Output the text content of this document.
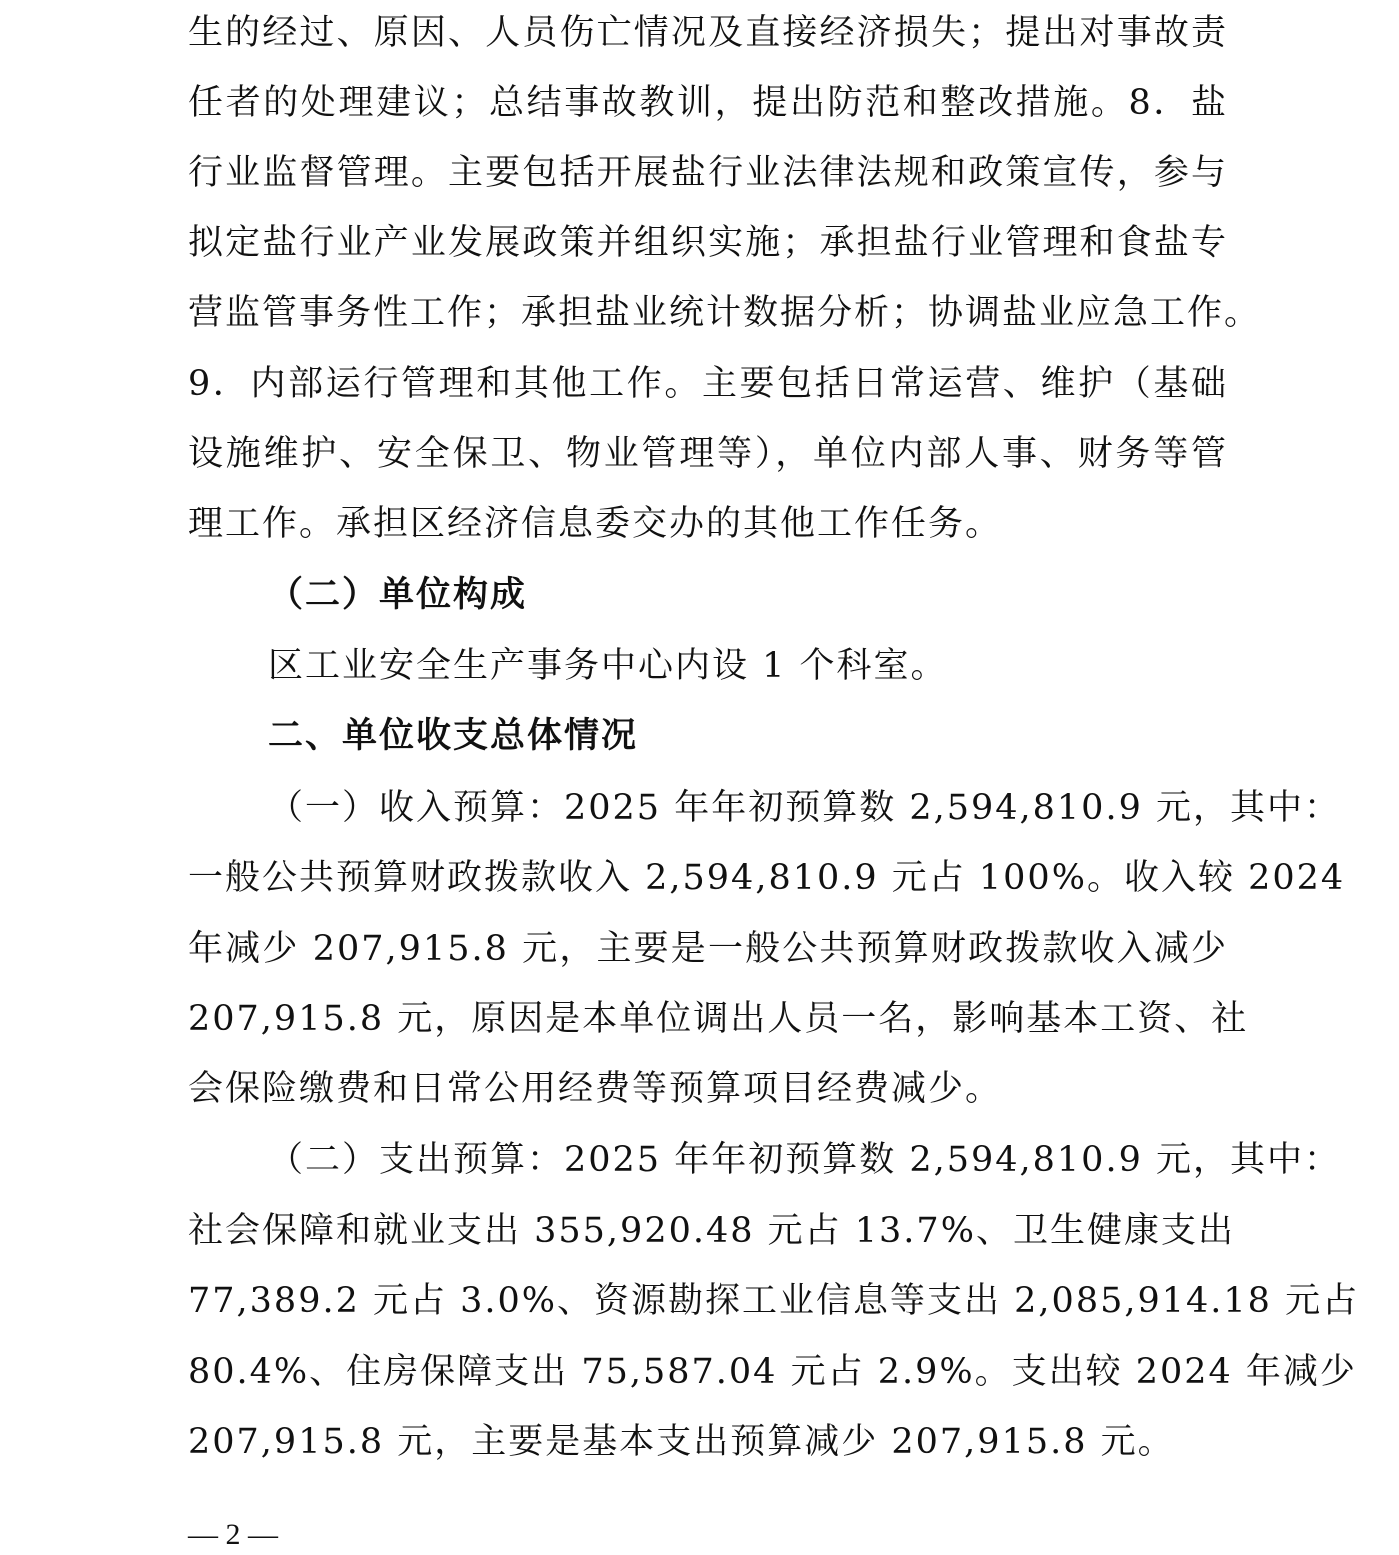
生的经过、原因、人员伤亡情况及直接经济损失；提出对事故责
任者的处理建议；总结事故教训，提出防范和整改措施。8．盐
行业监督管理。主要包括开展盐行业法律法规和政策宣传，参与
拟定盐行业产业发展政策并组织实施；承担盐行业管理和食盐专
营监管事务性工作；承担盐业统计数据分析；协调盐业应急工作。
9．内部运行管理和其他工作。主要包括日常运营、维护（基础
设施维护、安全保卫、物业管理等），单位内部人事、财务等管
理工作。承担区经济信息委交办的其他工作任务。
（二）单位构成
区工业安全生产事务中心内设 1 个科室。
二、单位收支总体情况
（一）收入预算：2025 年年初预算数 2,594,810.9 元，其中：
一般公共预算财政拨款收入 2,594,810.9 元占 100%。收入较 2024
年减少 207,915.8 元，主要是一般公共预算财政拨款收入减少
207,915.8 元，原因是本单位调出人员一名，影响基本工资、社
会保险缴费和日常公用经费等预算项目经费减少。
（二）支出预算：2025 年年初预算数 2,594,810.9 元，其中：
社会保障和就业支出 355,920.48 元占 13.7%、卫生健康支出
77,389.2 元占 3.0%、资源勘探工业信息等支出 2,085,914.18 元占
80.4%、住房保障支出 75,587.04 元占 2.9%。支出较 2024 年减少
207,915.8 元，主要是基本支出预算减少 207,915.8 元。
— 2 —
